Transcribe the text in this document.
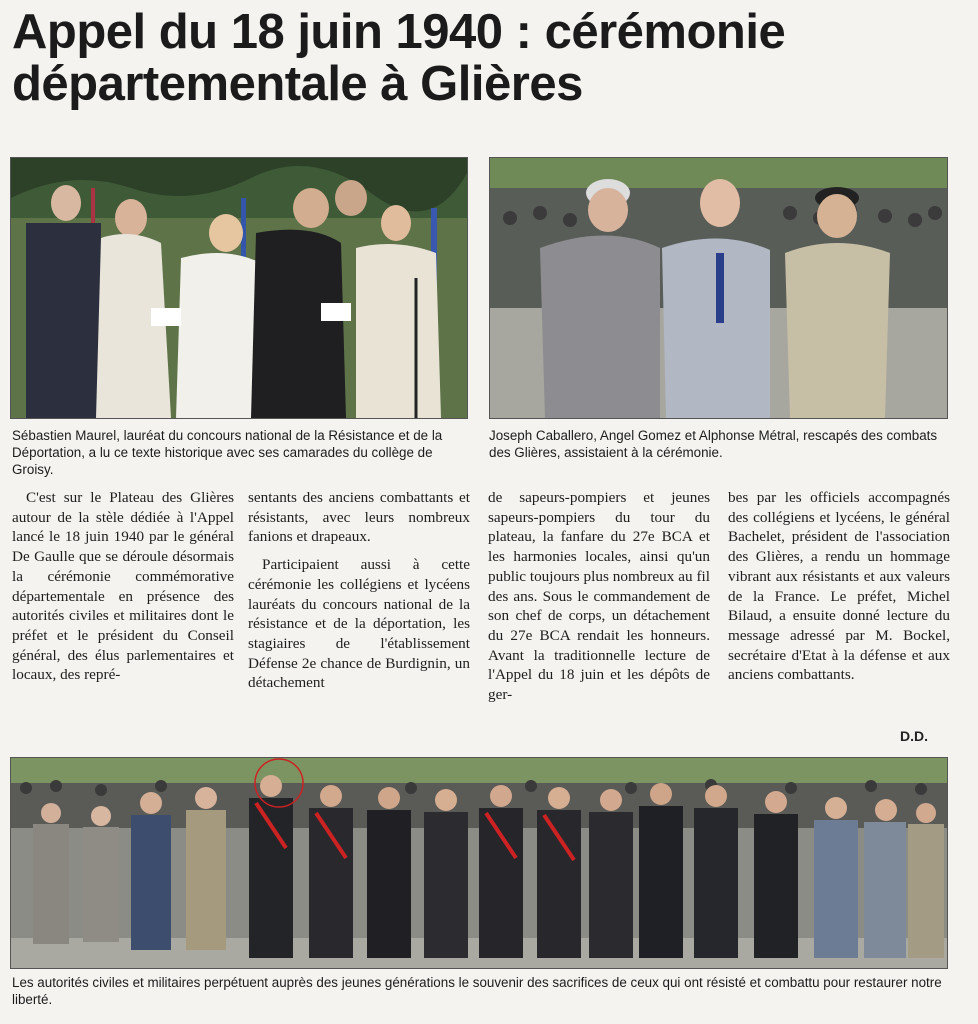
Appel du 18 juin 1940 : cérémonie départementale à Glières

Sébastien Maurel, lauréat du concours national de la Résistance et de la Déportation, a lu ce texte historique avec ses camarades du collège de Groisy.

Joseph Caballero, Angel Gomez et Alphonse Métral, rescapés des combats des Glières, assistaient à la cérémonie.

C'est sur le Plateau des Glières autour de la stèle dédiée à l'Appel lancé le 18 juin 1940 par le général De Gaulle que se déroule désormais la cérémonie commémorative départementale en présence des autorités civiles et militaires dont le préfet et le président du Conseil général, des élus parlementaires et locaux, des repré-

sentants des anciens combattants et résistants, avec leurs nombreux fanions et drapeaux.

Participaient aussi à cette cérémonie les collégiens et lycéens lauréats du concours national de la résistance et de la déportation, les stagiaires de l'établissement Défense 2e chance de Burdignin, un détachement

de sapeurs-pompiers et jeunes sapeurs-pompiers du tour du plateau, la fanfare du 27e BCA et les harmonies locales, ainsi qu'un public toujours plus nombreux au fil des ans. Sous le commandement de son chef de corps, un détachement du 27e BCA rendait les honneurs. Avant la traditionnelle lecture de l'Appel du 18 juin et les dépôts de ger-

bes par les officiels accompagnés des collégiens et lycéens, le général Bachelet, président de l'association des Glières, a rendu un hommage vibrant aux résistants et aux valeurs de la France. Le préfet, Michel Bilaud, a ensuite donné lecture du message adressé par M. Bockel, secrétaire d'Etat à la défense et aux anciens combattants.

D.D.

Les autorités civiles et militaires perpétuent auprès des jeunes générations le souvenir des sacrifices de ceux qui ont résisté et combattu pour restaurer notre liberté.
